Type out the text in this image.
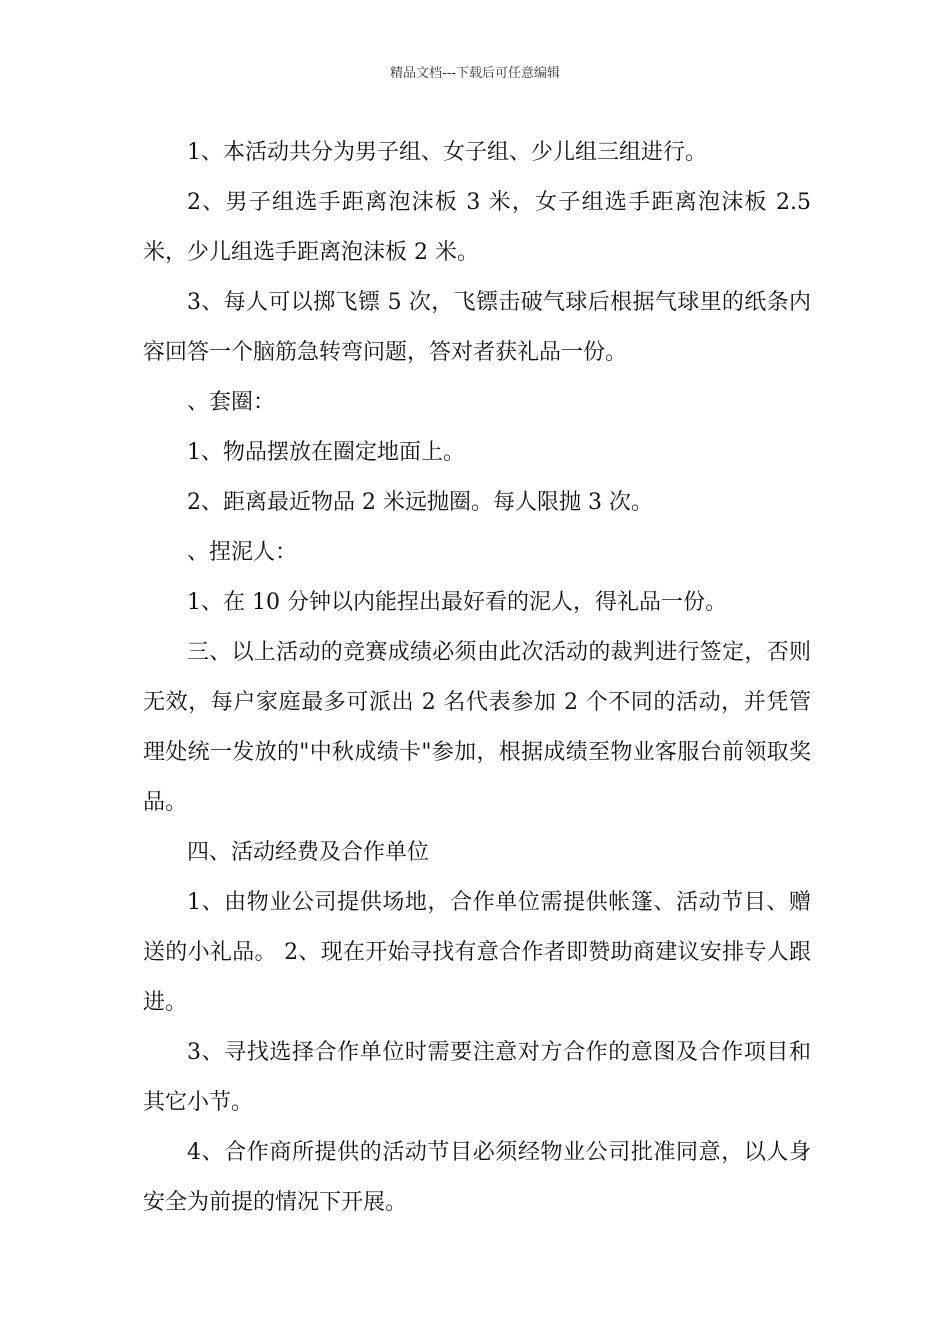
精品文档---下载后可任意编辑

1、本活动共分为男子组、女子组、少儿组三组进行。

2、男子组选手距离泡沫板 3 米，女子组选手距离泡沫板 2.5 米，少儿组选手距离泡沫板 2 米。

3、每人可以掷飞镖 5 次，飞镖击破气球后根据气球里的纸条内容回答一个脑筋急转弯问题，答对者获礼品一份。

、套圈：

1、物品摆放在圈定地面上。

2、距离最近物品 2 米远抛圈。每人限抛 3 次。

、捏泥人：

1、在 10 分钟以内能捏出最好看的泥人，得礼品一份。

三、以上活动的竞赛成绩必须由此次活动的裁判进行签定，否则无效，每户家庭最多可派出 2 名代表参加 2 个不同的活动，并凭管理处统一发放的"中秋成绩卡"参加，根据成绩至物业客服台前领取奖品。

四、活动经费及合作单位

1、由物业公司提供场地，合作单位需提供帐篷、活动节目、赠送的小礼品。 2、现在开始寻找有意合作者即赞助商建议安排专人跟进。

3、寻找选择合作单位时需要注意对方合作的意图及合作项目和其它小节。

4、合作商所提供的活动节目必须经物业公司批准同意，以人身安全为前提的情况下开展。
